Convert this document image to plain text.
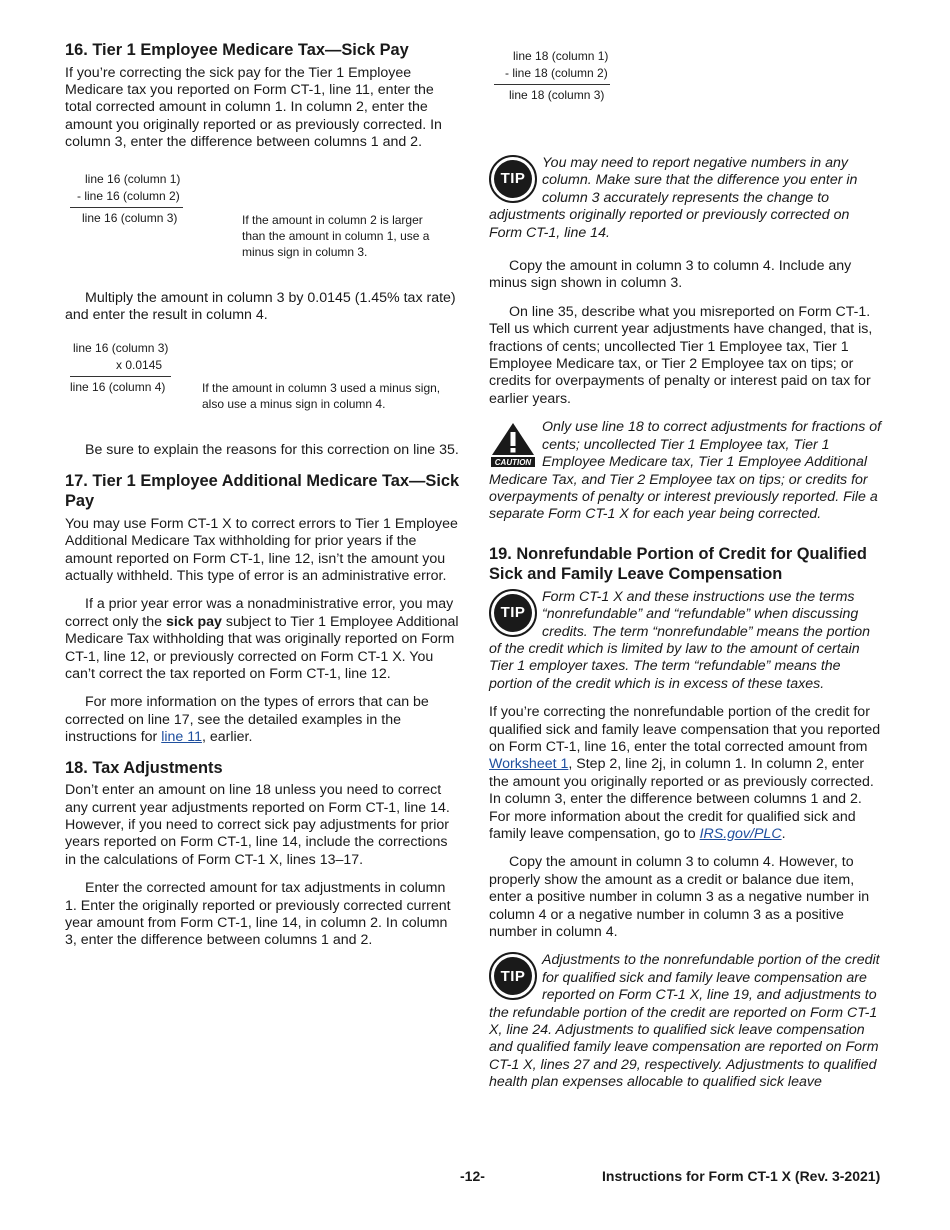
16. Tier 1 Employee Medicare Tax—Sick Pay

If you’re correcting the sick pay for the Tier 1 Employee Medicare tax you reported on Form CT-1, line 11, enter the total corrected amount in column 1. In column 2, enter the amount you originally reported or as previously corrected. In column 3, enter the difference between columns 1 and 2.

line 16 (column 1)
- line 16 (column 2)
line 16 (column 3)	If the amount in column 2 is larger than the amount in column 1, use a minus sign in column 3.

Multiply the amount in column 3 by 0.0145 (1.45% tax rate) and enter the result in column 4.

line 16 (column 3)
x 0.0145
line 16 (column 4)	If the amount in column 3 used a minus sign, also use a minus sign in column 4.

Be sure to explain the reasons for this correction on line 35.

17. Tier 1 Employee Additional Medicare Tax—Sick Pay

You may use Form CT-1 X to correct errors to Tier 1 Employee Additional Medicare Tax withholding for prior years if the amount reported on Form CT-1, line 12, isn’t the amount you actually withheld. This type of error is an administrative error.

If a prior year error was a nonadministrative error, you may correct only the sick pay subject to Tier 1 Employee Additional Medicare Tax withholding that was originally reported on Form CT-1, line 12, or previously corrected on Form CT-1 X. You can’t correct the tax reported on Form CT-1, line 12.

For more information on the types of errors that can be corrected on line 17, see the detailed examples in the instructions for line 11, earlier.

18. Tax Adjustments

Don’t enter an amount on line 18 unless you need to correct any current year adjustments reported on Form CT-1, line 14. However, if you need to correct sick pay adjustments for prior years reported on Form CT-1, line 14, include the corrections in the calculations of Form CT-1 X, lines 13–17.

Enter the corrected amount for tax adjustments in column 1. Enter the originally reported or previously corrected current year amount from Form CT-1, line 14, in column 2. In column 3, enter the difference between columns 1 and 2.

line 18 (column 1)
- line 18 (column 2)
line 18 (column 3)
TIP
You may need to report negative numbers in any column. Make sure that the difference you enter in column 3 accurately represents the change to adjustments originally reported or previously corrected on Form CT-1, line 14.

Copy the amount in column 3 to column 4. Include any minus sign shown in column 3.

On line 35, describe what you misreported on Form CT-1. Tell us which current year adjustments have changed, that is, fractions of cents; uncollected Tier 1 Employee tax, Tier 1 Employee Medicare tax, or Tier 2 Employee tax on tips; or credits for overpayments of penalty or interest paid on tax for earlier years.

CAUTION
Only use line 18 to correct adjustments for fractions of cents; uncollected Tier 1 Employee tax, Tier 1 Employee Medicare tax, Tier 1 Employee Additional Medicare Tax, and Tier 2 Employee tax on tips; or credits for overpayments of penalty or interest previously reported. File a separate Form CT-1 X for each year being corrected.
19. Nonrefundable Portion of Credit for Qualified Sick and Family Leave Compensation
TIP
Form CT-1 X and these instructions use the terms “nonrefundable” and “refundable” when discussing credits. The term “nonrefundable” means the portion of the credit which is limited by law to the amount of certain Tier 1 employer taxes. The term “refundable” means the portion of the credit which is in excess of these taxes.

If you’re correcting the nonrefundable portion of the credit for qualified sick and family leave compensation that you reported on Form CT-1, line 16, enter the total corrected amount from Worksheet 1, Step 2, line 2j, in column 1. In column 2, enter the amount you originally reported or as previously corrected. In column 3, enter the difference between columns 1 and 2. For more information about the credit for qualified sick and family leave compensation, go to IRS.gov/PLC.

Copy the amount in column 3 to column 4. However, to properly show the amount as a credit or balance due item, enter a positive number in column 3 as a negative number in column 4 or a negative number in column 3 as a positive number in column 4.

TIP
Adjustments to the nonrefundable portion of the credit for qualified sick and family leave compensation are reported on Form CT-1 X, line 19, and adjustments to the refundable portion of the credit are reported on Form CT-1 X, line 24. Adjustments to qualified sick leave compensation and qualified family leave compensation are reported on Form CT-1 X, lines 27 and 29, respectively. Adjustments to qualified health plan expenses allocable to qualified sick leave
-12-	Instructions for Form CT-1 X (Rev. 3-2021)
